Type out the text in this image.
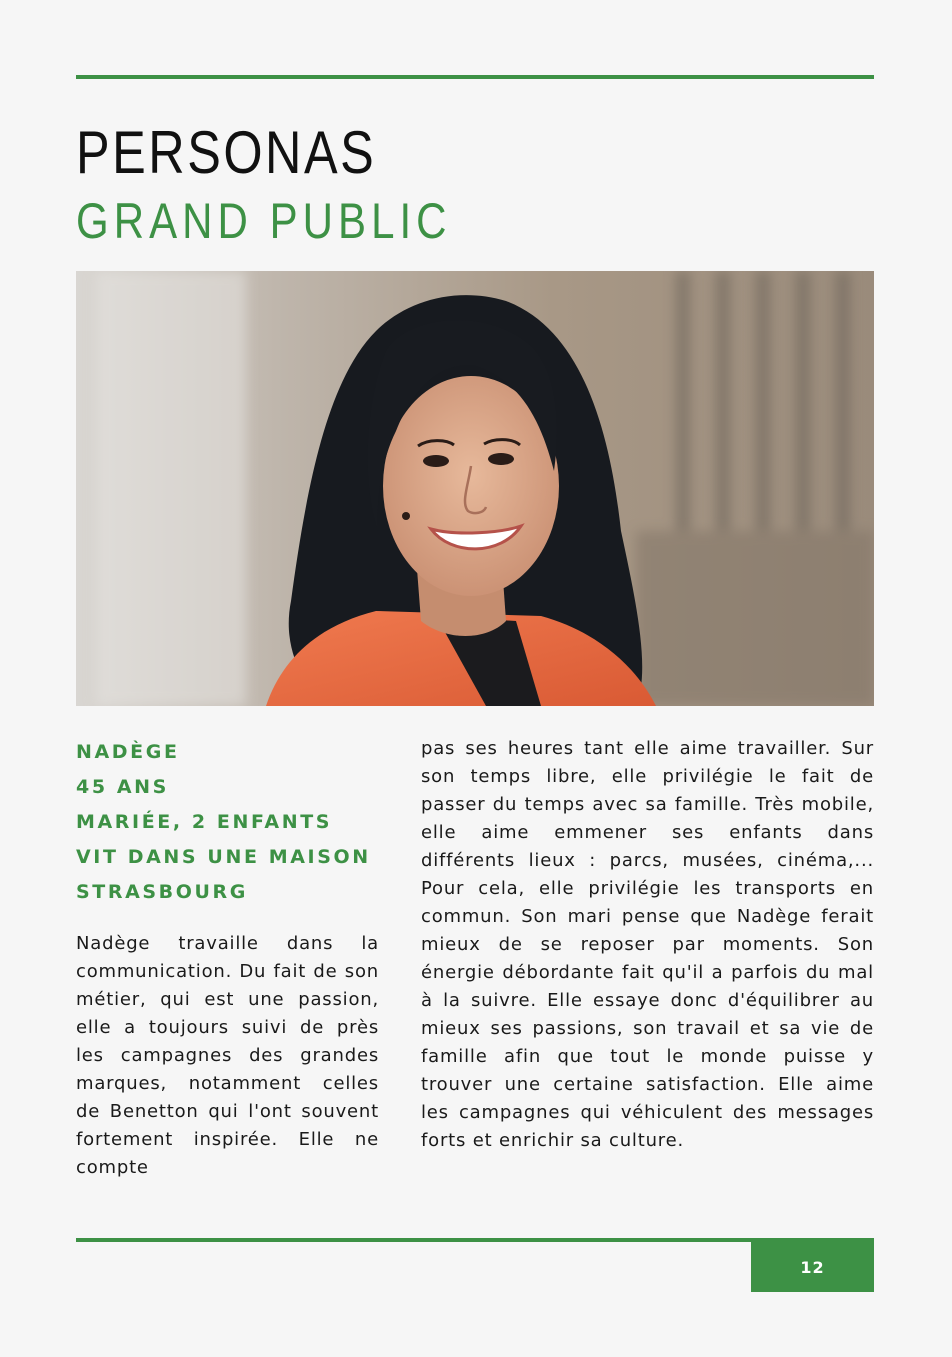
PERSONAS
GRAND PUBLIC
NADÈGE
45 ANS
MARIÉE, 2 ENFANTS
VIT DANS UNE MAISON
STRASBOURG

Nadège travaille dans la communication. Du fait de son métier, qui est une passion, elle a toujours suivi de près les campagnes des grandes marques, notamment celles de Benetton qui l'ont souvent fortement inspirée. Elle ne compte

pas ses heures tant elle aime travailler. Sur son temps libre, elle privilégie le fait de passer du temps avec sa famille. Très mobile, elle aime emmener ses enfants dans différents lieux : parcs, musées, cinéma,... Pour cela, elle privilégie les transports en commun. Son mari pense que Nadège ferait mieux de se reposer par moments. Son énergie débordante fait qu'il a parfois du mal à la suivre. Elle essaye donc d'équilibrer au mieux ses passions, son travail et sa vie de famille afin que tout le monde puisse y trouver une certaine satisfaction. Elle aime les campagnes qui véhiculent des messages forts et enrichir sa culture.

12
